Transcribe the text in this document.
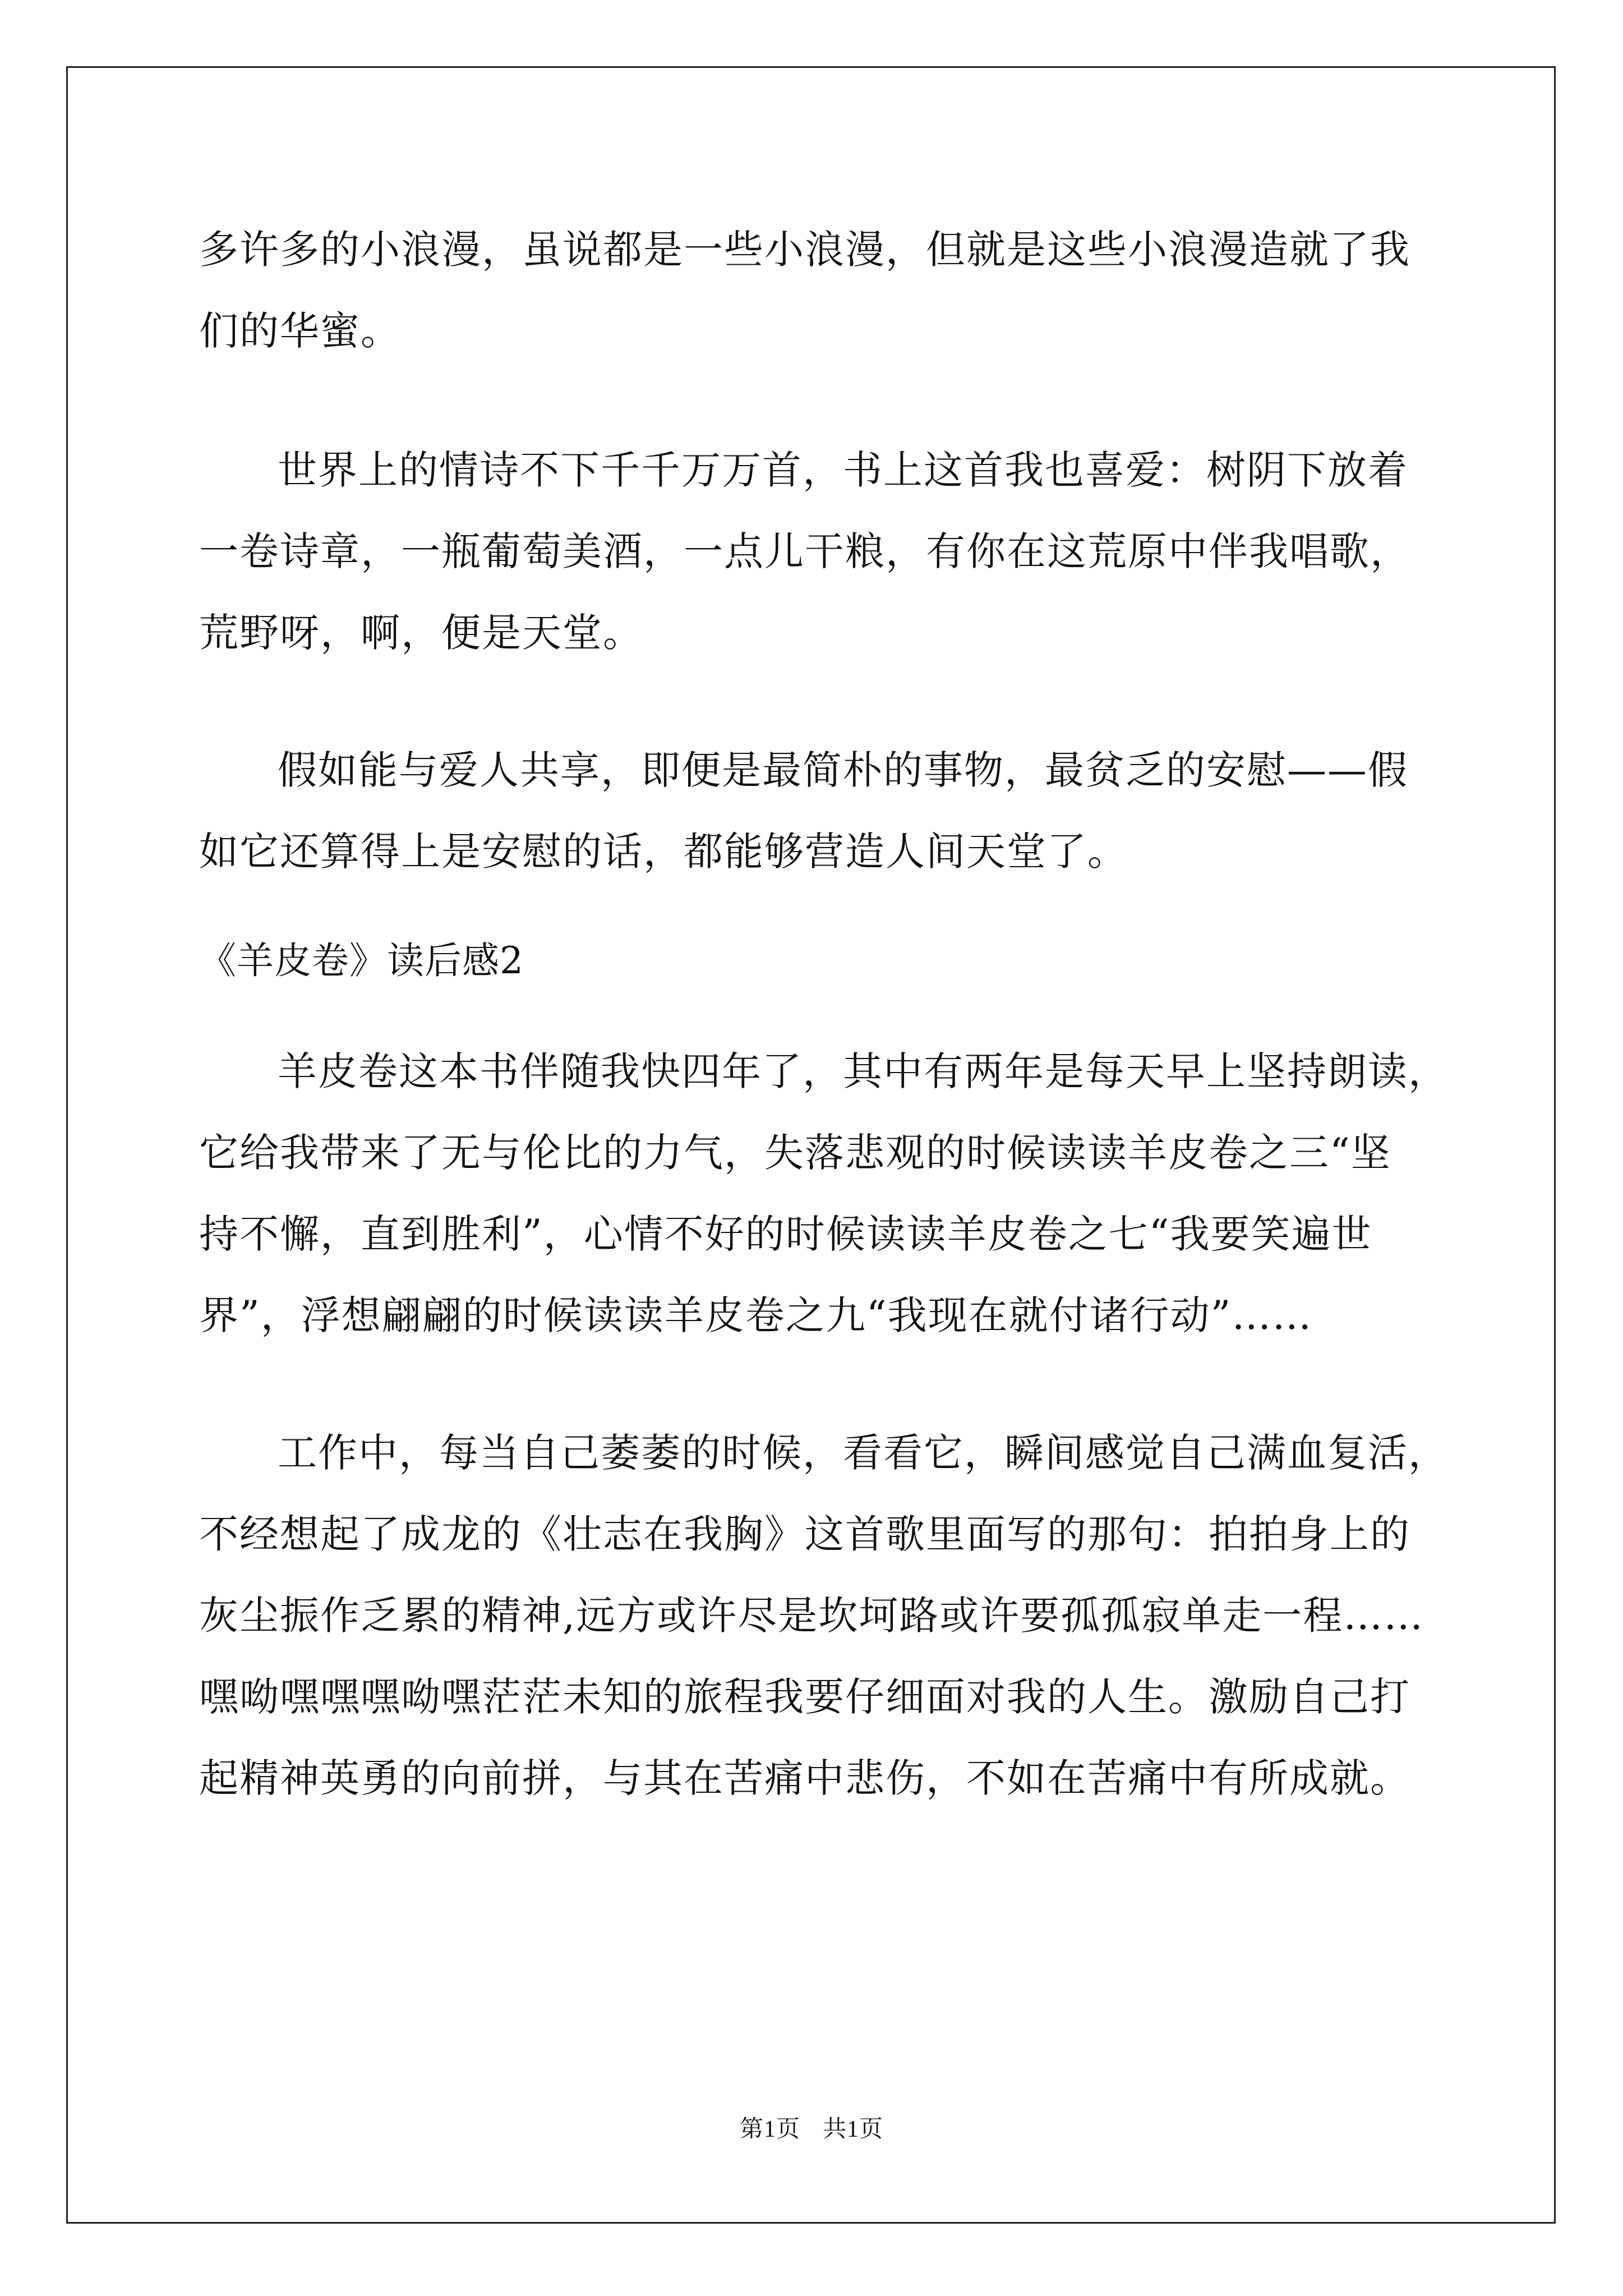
多许多的小浪漫，虽说都是一些小浪漫，但就是这些小浪漫造就了我
们的华蜜。
世界上的情诗不下千千万万首，书上这首我也喜爱：树阴下放着
一卷诗章，一瓶葡萄美酒，一点儿干粮，有你在这荒原中伴我唱歌，
荒野呀，啊，便是天堂。
假如能与爱人共享，即便是最简朴的事物，最贫乏的安慰——假
如它还算得上是安慰的话，都能够营造人间天堂了。
《羊皮卷》读后感2
羊皮卷这本书伴随我快四年了，其中有两年是每天早上坚持朗读，
它给我带来了无与伦比的力气，失落悲观的时候读读羊皮卷之三“坚
持不懈，直到胜利”，心情不好的时候读读羊皮卷之七“我要笑遍世
界”，浮想翩翩的时候读读羊皮卷之九“我现在就付诸行动”……
工作中，每当自己萎萎的时候，看看它，瞬间感觉自己满血复活，
不经想起了成龙的《壮志在我胸》这首歌里面写的那句：拍拍身上的
灰尘振作乏累的精神,远方或许尽是坎坷路或许要孤孤寂单走一程……
嘿呦嘿嘿嘿呦嘿茫茫未知的旅程我要仔细面对我的人生。激励自己打
起精神英勇的向前拼，与其在苦痛中悲伤，不如在苦痛中有所成就。
第1页 共1页
